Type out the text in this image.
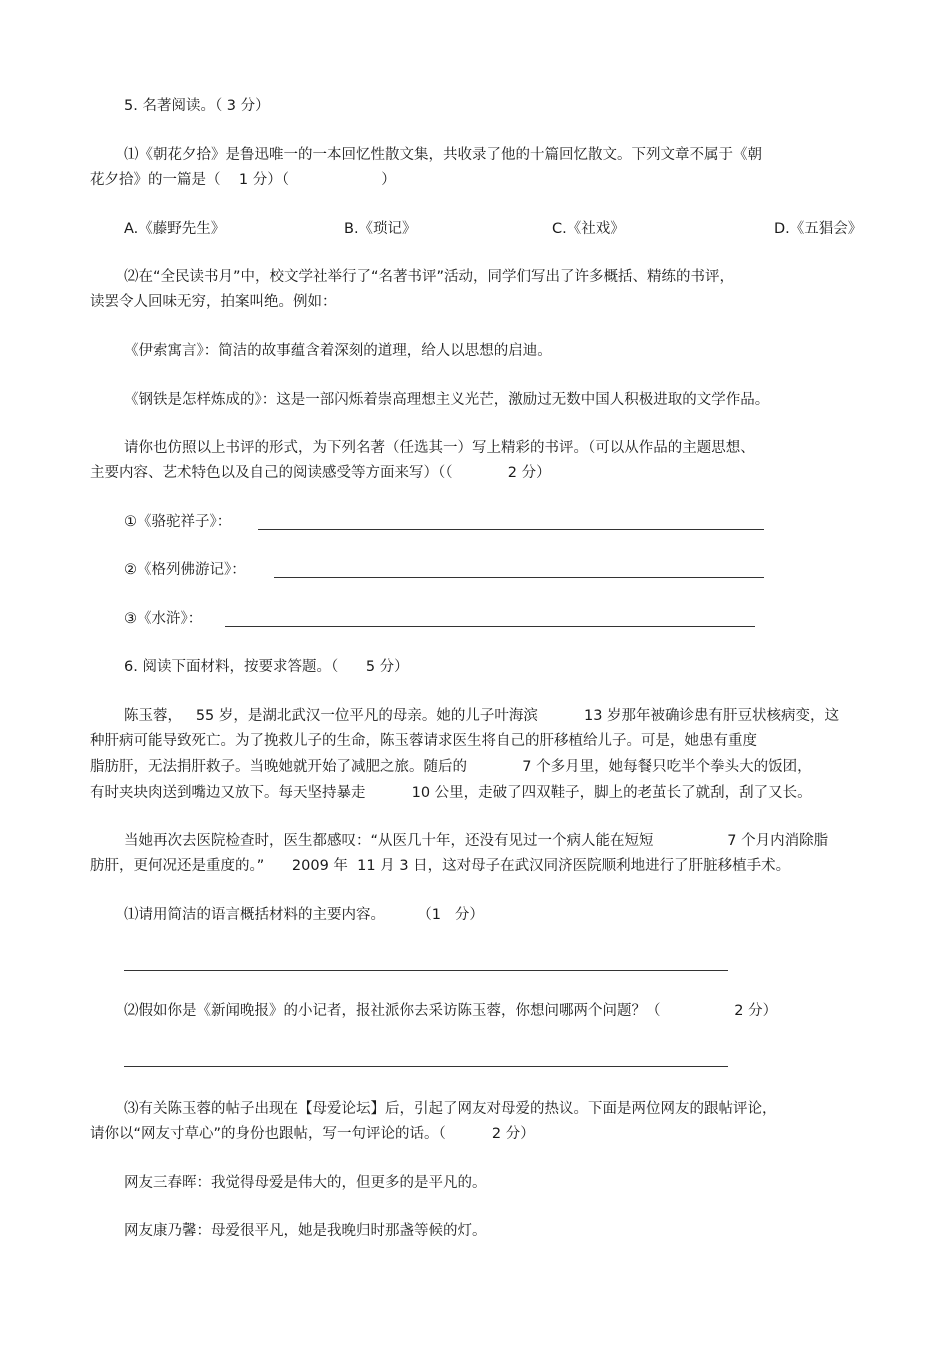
5. 名著阅读。（ 3 分）
⑴《朝花夕拾》是鲁迅唯一的一本回忆性散文集，共收录了他的十篇回忆散文。下列文章不属于《朝
花夕拾》的一篇是（    1 分）（                    ）
A.《藤野先生》	B.《琐记》	C.《社戏》	D.《五猖会》
⑵在“全民读书月”中，校文学社举行了“名著书评”活动，同学们写出了许多概括、精练的书评，
读罢令人回味无穷，拍案叫绝。例如：
《伊索寓言》：简洁的故事蕴含着深刻的道理，给人以思想的启迪。
《钢铁是怎样炼成的》：这是一部闪烁着崇高理想主义光芒，激励过无数中国人积极进取的文学作品。
请你也仿照以上书评的形式，为下列名著（任选其一）写上精彩的书评。（可以从作品的主题思想、
主要内容、艺术特色以及自己的阅读感受等方面来写）（（            2 分）
①《骆驼祥子》：
②《格列佛游记》：
③《水浒》：
6. 阅读下面材料，按要求答题。（      5 分）
陈玉蓉，   55 岁，是湖北武汉一位平凡的母亲。她的儿子叶海滨          13 岁那年被确诊患有肝豆状核病变，这
种肝病可能导致死亡。为了挽救儿子的生命，陈玉蓉请求医生将自己的肝移植给儿子。可是，她患有重度
脂肪肝，无法捐肝救子。当晚她就开始了减肥之旅。随后的            7 个多月里，她每餐只吃半个拳头大的饭团，
有时夹块肉送到嘴边又放下。每天坚持暴走          10 公里，走破了四双鞋子，脚上的老茧长了就刮，刮了又长。
当她再次去医院检查时，医生都感叹：“从医几十年，还没有见过一个病人能在短短                7 个月内消除脂
肪肝，更何况还是重度的。”      2009 年  11 月 3 日，这对母子在武汉同济医院顺利地进行了肝脏移植手术。
⑴请用简洁的语言概括材料的主要内容。       （1   分）
⑵假如你是《新闻晚报》的小记者，报社派你去采访陈玉蓉，你想问哪两个问题？（                2 分）
⑶有关陈玉蓉的帖子出现在【母爱论坛】后，引起了网友对母爱的热议。下面是两位网友的跟帖评论，
请你以“网友寸草心”的身份也跟帖，写一句评论的话。（          2 分）
网友三春晖：我觉得母爱是伟大的，但更多的是平凡的。
网友康乃馨：母爱很平凡，她是我晚归时那盏等候的灯。
